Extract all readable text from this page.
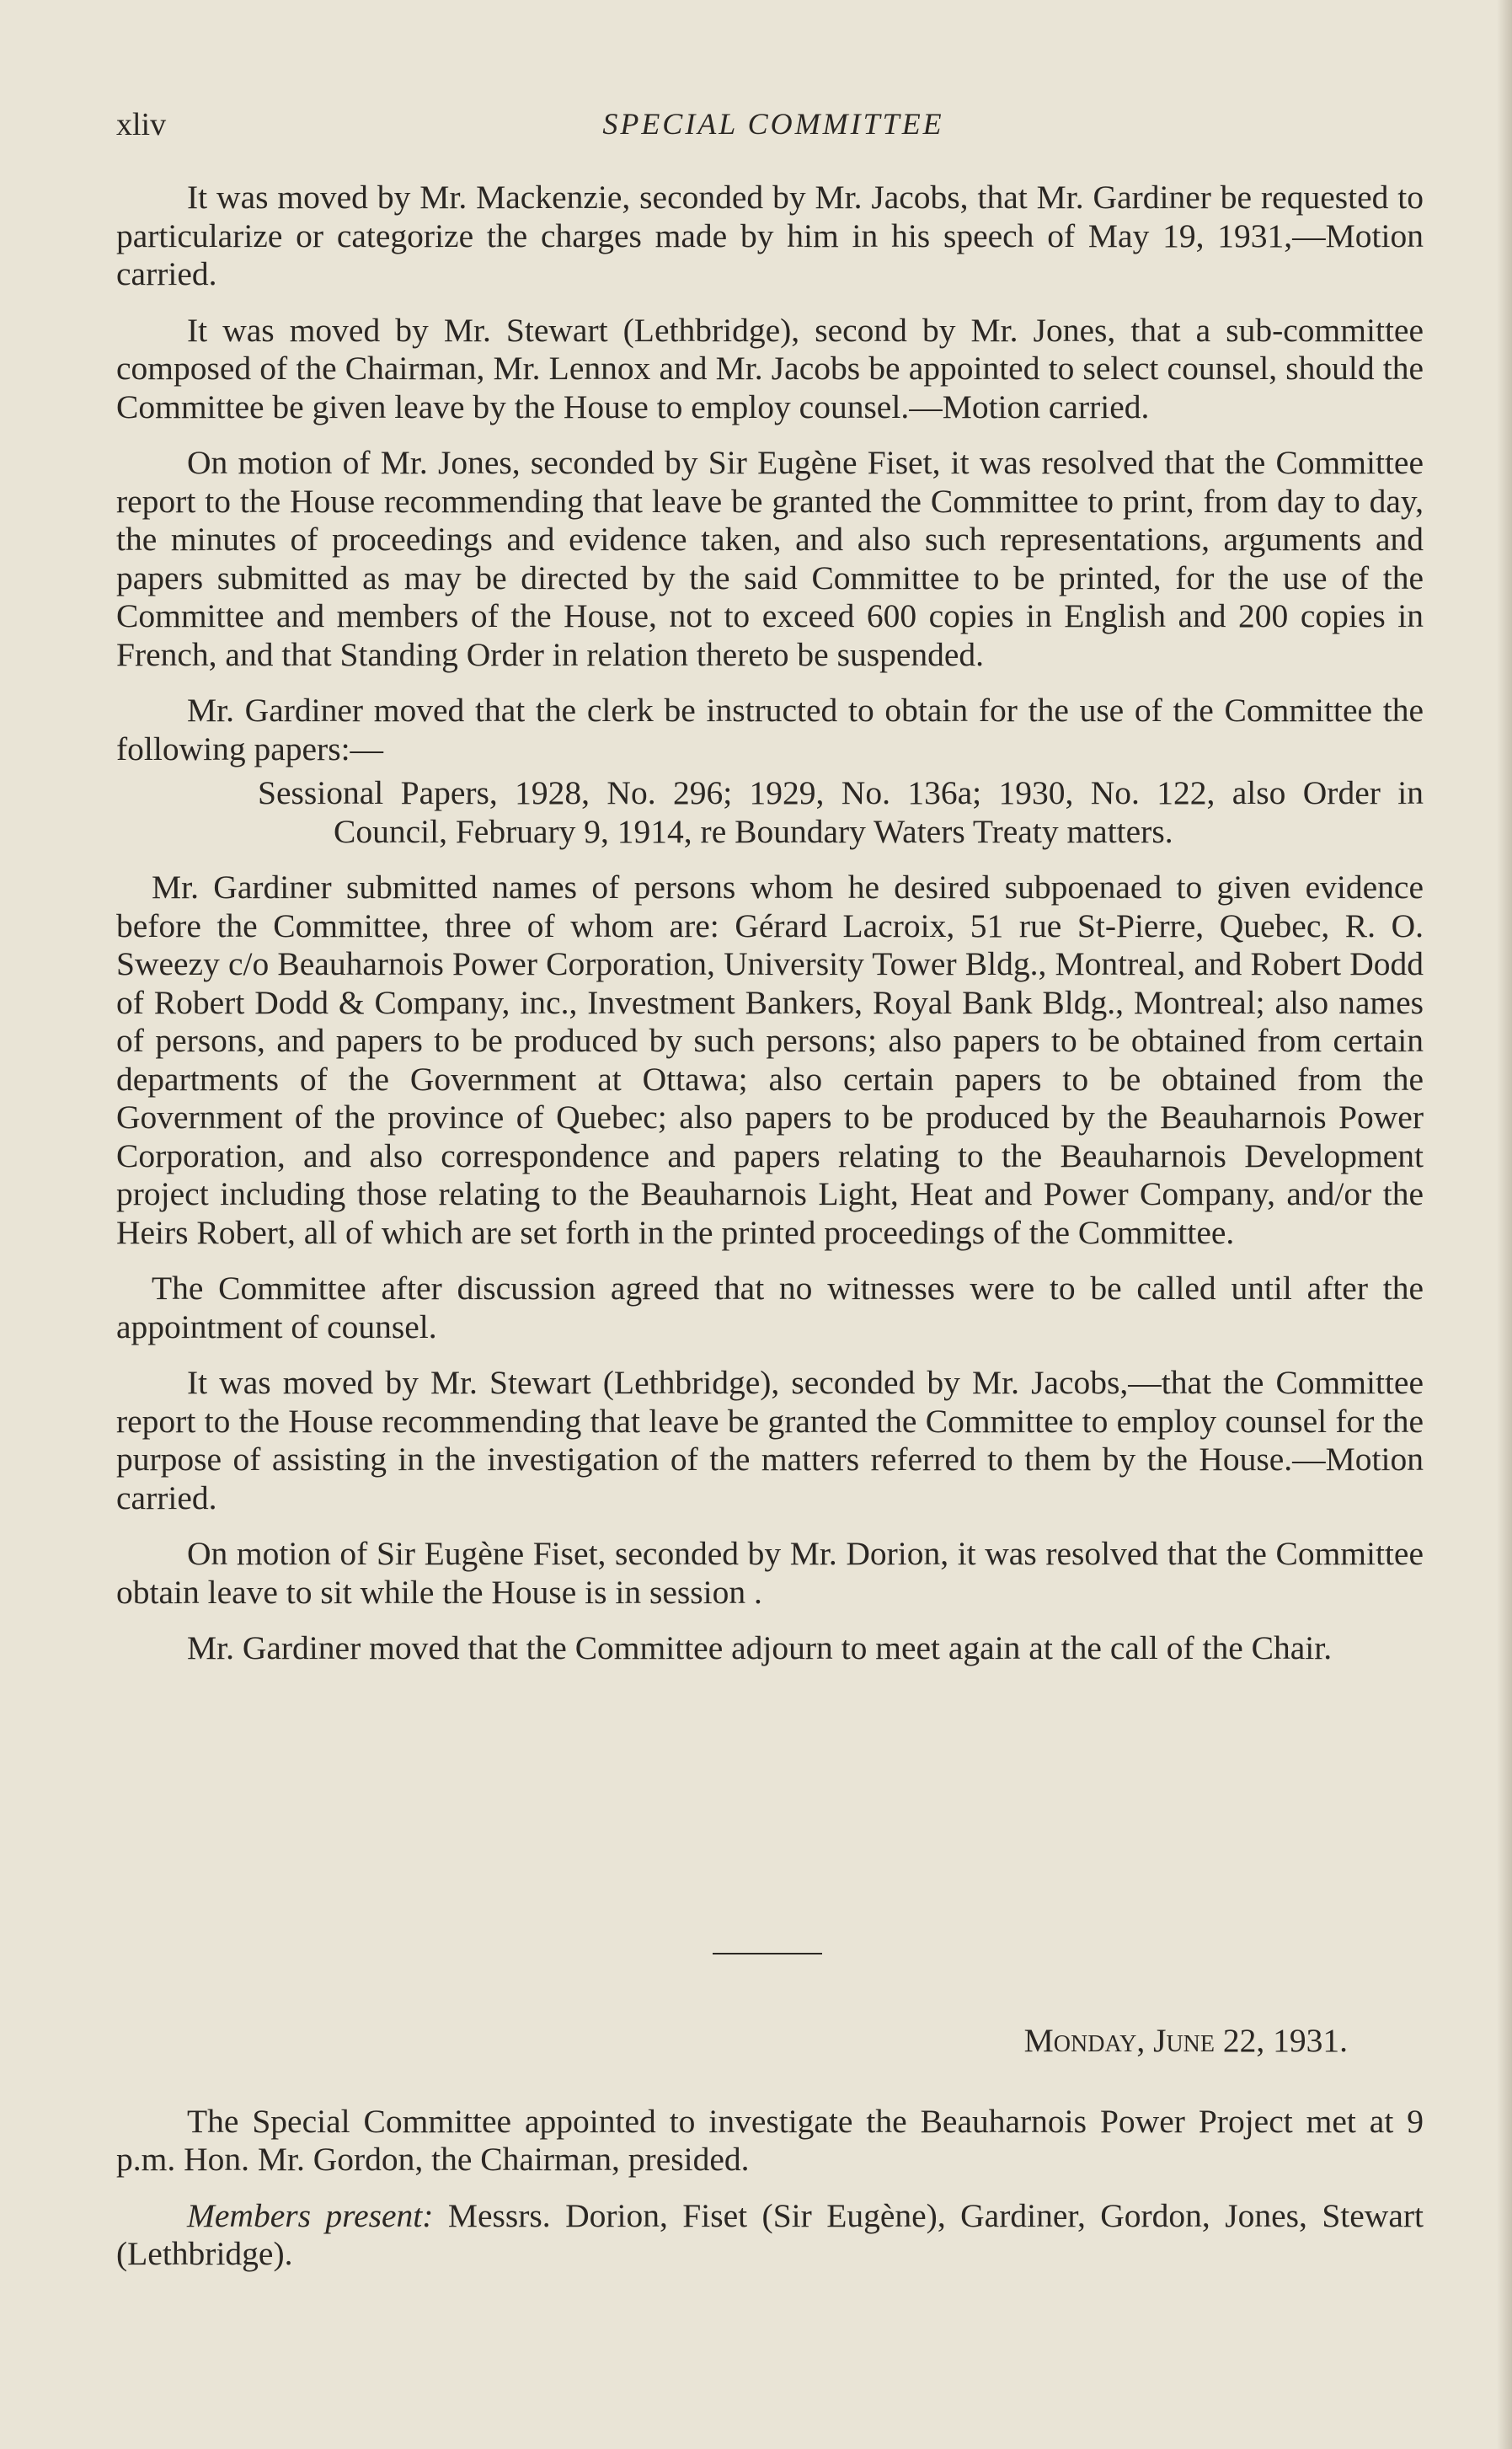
xliv	SPECIAL COMMITTEE

It was moved by Mr. Mackenzie, seconded by Mr. Jacobs, that Mr. Gardiner be requested to particularize or categorize the charges made by him in his speech of May 19, 1931,—Motion carried.

It was moved by Mr. Stewart (Lethbridge), second by Mr. Jones, that a sub-committee composed of the Chairman, Mr. Lennox and Mr. Jacobs be appointed to select counsel, should the Committee be given leave by the House to employ counsel.—Motion carried.

On motion of Mr. Jones, seconded by Sir Eugène Fiset, it was resolved that the Committee report to the House recommending that leave be granted the Committee to print, from day to day, the minutes of proceedings and evidence taken, and also such representations, arguments and papers submitted as may be directed by the said Committee to be printed, for the use of the Committee and members of the House, not to exceed 600 copies in English and 200 copies in French, and that Standing Order in relation thereto be suspended.

Mr. Gardiner moved that the clerk be instructed to obtain for the use of the Committee the following papers:—

Sessional Papers, 1928, No. 296; 1929, No. 136a; 1930, No. 122, also Order in Council, February 9, 1914, re Boundary Waters Treaty matters.

Mr. Gardiner submitted names of persons whom he desired subpoenaed to given evidence before the Committee, three of whom are: Gérard Lacroix, 51 rue St-Pierre, Quebec, R. O. Sweezy c/o Beauharnois Power Corporation, University Tower Bldg., Montreal, and Robert Dodd of Robert Dodd & Company, inc., Investment Bankers, Royal Bank Bldg., Montreal; also names of persons, and papers to be produced by such persons; also papers to be obtained from certain departments of the Government at Ottawa; also certain papers to be obtained from the Government of the province of Quebec; also papers to be produced by the Beauharnois Power Corporation, and also correspondence and papers relating to the Beauharnois Development project including those relating to the Beauharnois Light, Heat and Power Company, and/or the Heirs Robert, all of which are set forth in the printed proceedings of the Committee.

The Committee after discussion agreed that no witnesses were to be called until after the appointment of counsel.

It was moved by Mr. Stewart (Lethbridge), seconded by Mr. Jacobs,—that the Committee report to the House recommending that leave be granted the Committee to employ counsel for the purpose of assisting in the investigation of the matters referred to them by the House.—Motion carried.

On motion of Sir Eugène Fiset, seconded by Mr. Dorion, it was resolved that the Committee obtain leave to sit while the House is in session .

Mr. Gardiner moved that the Committee adjourn to meet again at the call of the Chair.

Monday, June 22, 1931.

The Special Committee appointed to investigate the Beauharnois Power Project met at 9 p.m. Hon. Mr. Gordon, the Chairman, presided.

Members present: Messrs. Dorion, Fiset (Sir Eugène), Gardiner, Gordon, Jones, Stewart (Lethbridge).
